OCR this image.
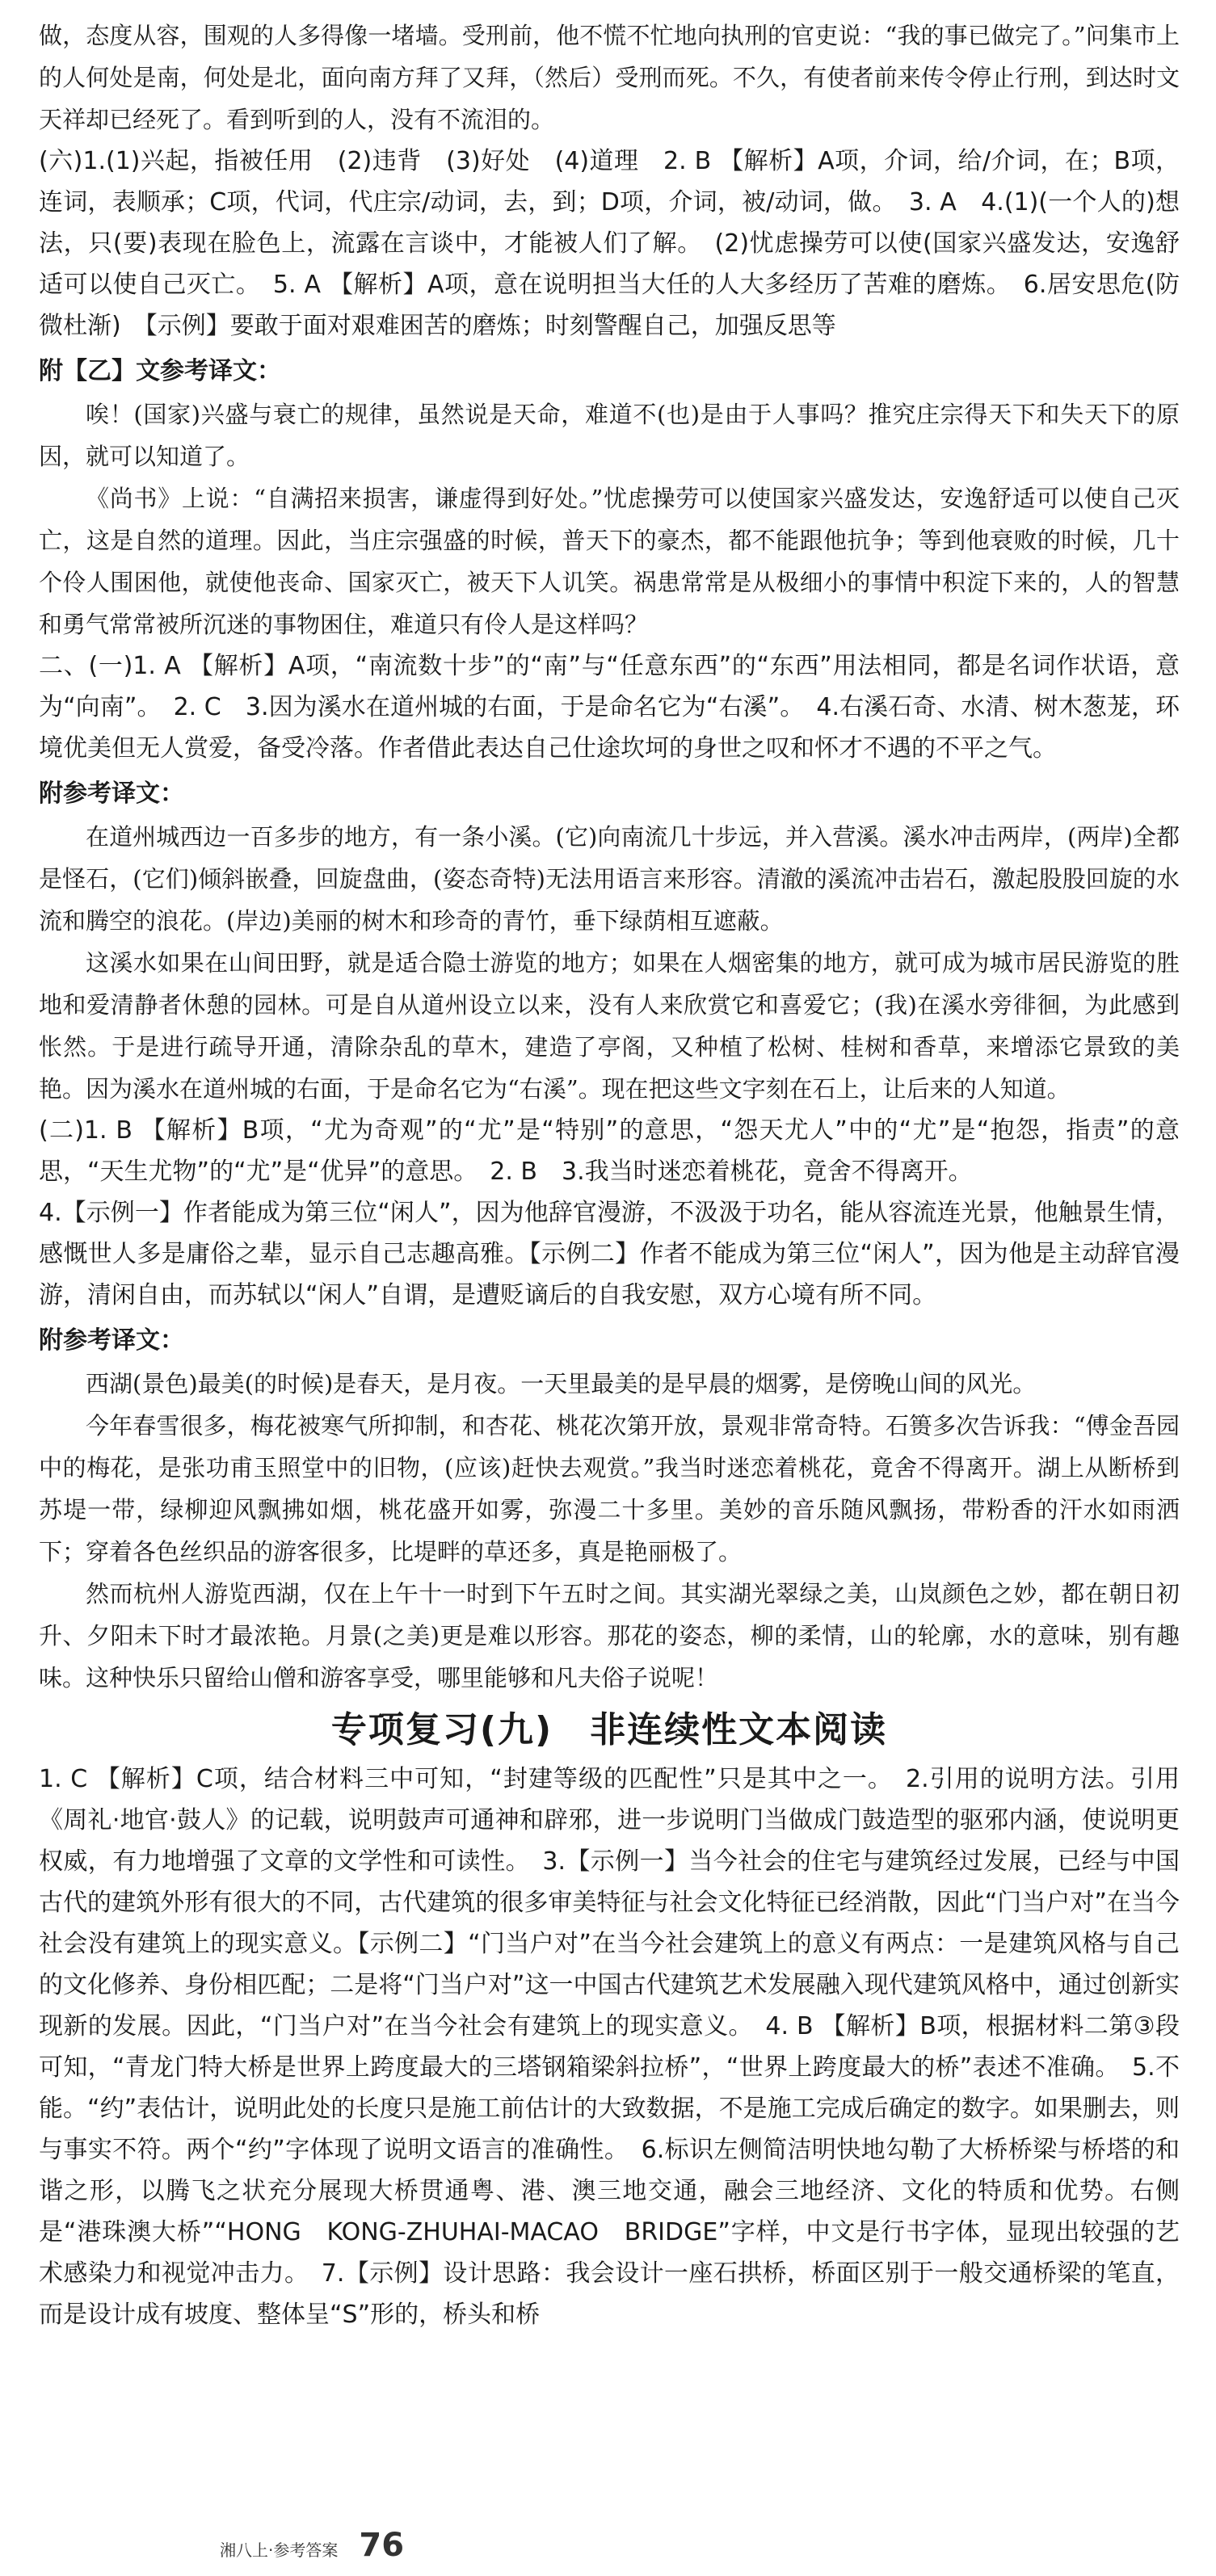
做，态度从容，围观的人多得像一堵墙。受刑前，他不慌不忙地向执刑的官吏说：“我的事已做完了。”问集市上的人何处是南，何处是北，面向南方拜了又拜，（然后）受刑而死。不久，有使者前来传令停止行刑，到达时文天祥却已经死了。看到听到的人，没有不流泪的。

(六)1.(1)兴起，指被任用　(2)违背　(3)好处　(4)道理　2. B 【解析】A项，介词，给/介词，在；B项，连词，表顺承；C项，代词，代庄宗/动词，去，到；D项，介词，被/动词，做。　3. A　4.(1)(一个人的)想法，只(要)表现在脸色上，流露在言谈中，才能被人们了解。　(2)忧虑操劳可以使(国家兴盛发达，安逸舒适可以使自己灭亡。　5. A 【解析】A项，意在说明担当大任的人大多经历了苦难的磨炼。　6.居安思危(防微杜渐)　【示例】要敢于面对艰难困苦的磨炼；时刻警醒自己，加强反思等

附【乙】文参考译文：

唉！(国家)兴盛与衰亡的规律，虽然说是天命，难道不(也)是由于人事吗？推究庄宗得天下和失天下的原因，就可以知道了。

《尚书》上说：“自满招来损害，谦虚得到好处。”忧虑操劳可以使国家兴盛发达，安逸舒适可以使自己灭亡，这是自然的道理。因此，当庄宗强盛的时候，普天下的豪杰，都不能跟他抗争；等到他衰败的时候，几十个伶人围困他，就使他丧命、国家灭亡，被天下人讥笑。祸患常常是从极细小的事情中积淀下来的，人的智慧和勇气常常被所沉迷的事物困住，难道只有伶人是这样吗？

二、(一)1. A 【解析】A项，“南流数十步”的“南”与“任意东西”的“东西”用法相同，都是名词作状语，意为“向南”。　2. C　3.因为溪水在道州城的右面，于是命名它为“右溪”。　4.右溪石奇、水清、树木葱茏，环境优美但无人赏爱，备受冷落。作者借此表达自己仕途坎坷的身世之叹和怀才不遇的不平之气。

附参考译文：

在道州城西边一百多步的地方，有一条小溪。(它)向南流几十步远，并入营溪。溪水冲击两岸，(两岸)全都是怪石，(它们)倾斜嵌叠，回旋盘曲，(姿态奇特)无法用语言来形容。清澈的溪流冲击岩石，激起股股回旋的水流和腾空的浪花。(岸边)美丽的树木和珍奇的青竹，垂下绿荫相互遮蔽。

这溪水如果在山间田野，就是适合隐士游览的地方；如果在人烟密集的地方，就可成为城市居民游览的胜地和爱清静者休憩的园林。可是自从道州设立以来，没有人来欣赏它和喜爱它；(我)在溪水旁徘徊，为此感到怅然。于是进行疏导开通，清除杂乱的草木，建造了亭阁，又种植了松树、桂树和香草，来增添它景致的美艳。因为溪水在道州城的右面，于是命名它为“右溪”。现在把这些文字刻在石上，让后来的人知道。

(二)1. B 【解析】B项，“尤为奇观”的“尤”是“特别”的意思，“怨天尤人”中的“尤”是“抱怨，指责”的意思，“天生尤物”的“尤”是“优异”的意思。　2. B　3.我当时迷恋着桃花，竟舍不得离开。

4.【示例一】作者能成为第三位“闲人”，因为他辞官漫游，不汲汲于功名，能从容流连光景，他触景生情，感慨世人多是庸俗之辈，显示自己志趣高雅。【示例二】作者不能成为第三位“闲人”，因为他是主动辞官漫游，清闲自由，而苏轼以“闲人”自谓，是遭贬谪后的自我安慰，双方心境有所不同。

附参考译文：

西湖(景色)最美(的时候)是春天，是月夜。一天里最美的是早晨的烟雾，是傍晚山间的风光。

今年春雪很多，梅花被寒气所抑制，和杏花、桃花次第开放，景观非常奇特。石篑多次告诉我：“傅金吾园中的梅花，是张功甫玉照堂中的旧物，(应该)赶快去观赏。”我当时迷恋着桃花，竟舍不得离开。湖上从断桥到苏堤一带，绿柳迎风飘拂如烟，桃花盛开如雾，弥漫二十多里。美妙的音乐随风飘扬，带粉香的汗水如雨洒下；穿着各色丝织品的游客很多，比堤畔的草还多，真是艳丽极了。

然而杭州人游览西湖，仅在上午十一时到下午五时之间。其实湖光翠绿之美，山岚颜色之妙，都在朝日初升、夕阳未下时才最浓艳。月景(之美)更是难以形容。那花的姿态，柳的柔情，山的轮廓，水的意味，别有趣味。这种快乐只留给山僧和游客享受，哪里能够和凡夫俗子说呢！

专项复习(九) 非连续性文本阅读

1. C 【解析】C项，结合材料三中可知，“封建等级的匹配性”只是其中之一。　2.引用的说明方法。引用《周礼·地官·鼓人》的记载，说明鼓声可通神和辟邪，进一步说明门当做成门鼓造型的驱邪内涵，使说明更权威，有力地增强了文章的文学性和可读性。　3.【示例一】当今社会的住宅与建筑经过发展，已经与中国古代的建筑外形有很大的不同，古代建筑的很多审美特征与社会文化特征已经消散，因此“门当户对”在当今社会没有建筑上的现实意义。【示例二】“门当户对”在当今社会建筑上的意义有两点：一是建筑风格与自己的文化修养、身份相匹配；二是将“门当户对”这一中国古代建筑艺术发展融入现代建筑风格中，通过创新实现新的发展。因此，“门当户对”在当今社会有建筑上的现实意义。　4. B 【解析】B项，根据材料二第③段可知，“青龙门特大桥是世界上跨度最大的三塔钢箱梁斜拉桥”，“世界上跨度最大的桥”表述不准确。　5.不能。“约”表估计，说明此处的长度只是施工前估计的大致数据，不是施工完成后确定的数字。如果删去，则与事实不符。两个“约”字体现了说明文语言的准确性。　6.标识左侧简洁明快地勾勒了大桥桥梁与桥塔的和谐之形，以腾飞之状充分展现大桥贯通粤、港、澳三地交通，融会三地经济、文化的特质和优势。右侧是“港珠澳大桥”“HONG　KONG-ZHUHAI-MACAO　BRIDGE”字样，中文是行书字体，显现出较强的艺术感染力和视觉冲击力。　7.【示例】设计思路：我会设计一座石拱桥，桥面区别于一般交通桥梁的笔直，而是设计成有坡度、整体呈“S”形的，桥头和桥

湘八上·参考答案 76
